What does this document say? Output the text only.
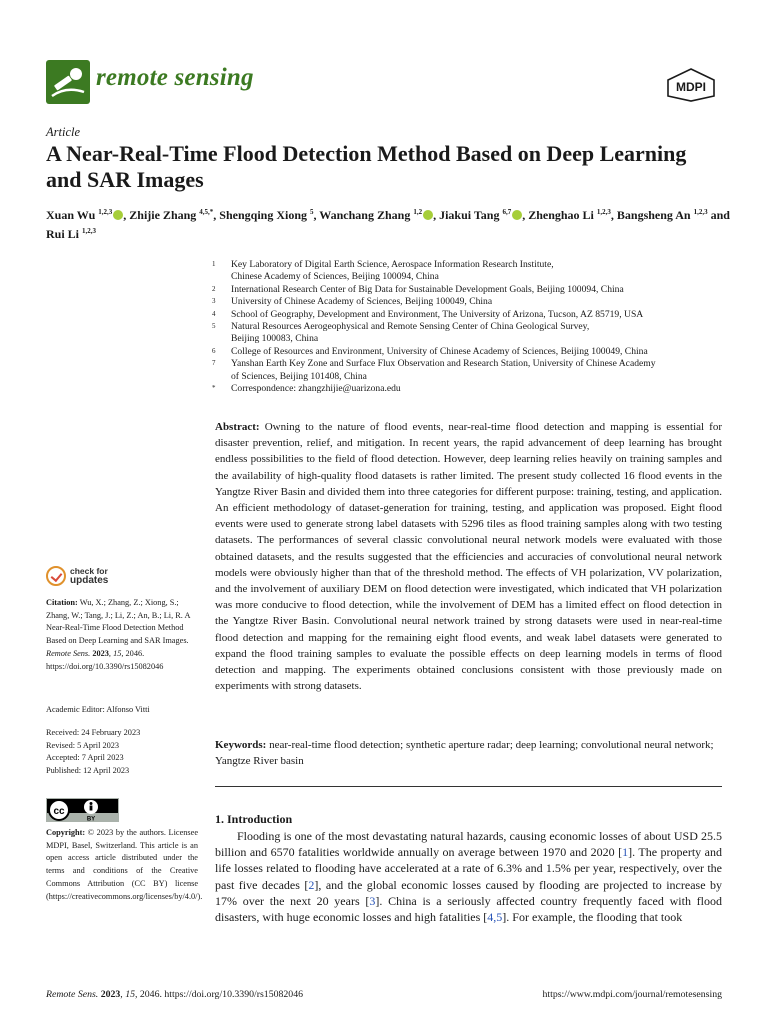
remote sensing	MDPI
Article
A Near-Real-Time Flood Detection Method Based on Deep Learning and SAR Images
Xuan Wu $^{1,2,3}$ , Zhijie Zhang $^{4,5,*}$, Shengqing Xiong $^5$, Wanchang Zhang $^{1,2}$ , Jiakui Tang $^{6,7}$ , Zhenghao Li $^{1,2,3}$, Bangsheng An $^{1,2,3}$ and Rui Li $^{1,2,3}$
1	Key Laboratory of Digital Earth Science, Aerospace Information Research Institute,
Chinese Academy of Sciences, Beijing 100094, China
2	International Research Center of Big Data for Sustainable Development Goals, Beijing 100094, China
3	University of Chinese Academy of Sciences, Beijing 100049, China
4	School of Geography, Development and Environment, The University of Arizona, Tucson, AZ 85719, USA
5	Natural Resources Aerogeophysical and Remote Sensing Center of China Geological Survey,
Beijing 100083, China
6	College of Resources and Environment, University of Chinese Academy of Sciences, Beijing 100049, China
7	Yanshan Earth Key Zone and Surface Flux Observation and Research Station, University of Chinese Academy
of Sciences, Beijing 101408, China
*	Correspondence: zhangzhijie@uarizona.edu
Abstract: Owning to the nature of flood events, near-real-time flood detection and mapping is essential for disaster prevention, relief, and mitigation. In recent years, the rapid advancement of deep learning has brought endless possibilities to the field of flood detection. However, deep learning relies heavily on training samples and the availability of high-quality flood datasets is rather limited. The present study collected 16 flood events in the Yangtze River Basin and divided them into three categories for different purpose: training, testing, and application. An efficient methodology of dataset-generation for training, testing, and application was proposed. Eight flood events were used to generate strong label datasets with 5296 tiles as flood training samples along with two testing datasets. The performances of several classic convolutional neural network models were evaluated with those obtained datasets, and the results suggested that the efficiencies and accuracies of convolutional neural network models were obviously higher than that of the threshold method. The effects of VH polarization, VV polarization, and the involvement of auxiliary DEM on flood detection were investigated, which indicated that VH polarization was more conducive to flood detection, while the involvement of DEM has a limited effect on flood detection in the Yangtze River Basin. Convolutional neural network trained by strong datasets were used in near-real-time flood detection and mapping for the remaining eight flood events, and weak label datasets were generated to expand the flood training samples to evaluate the possible effects on deep learning models in terms of flood detection and mapping. The experiments obtained conclusions consistent with those previously made on experiments with strong datasets.
Keywords: near-real-time flood detection; synthetic aperture radar; deep learning; convolutional neural network; Yangtze River basin
1. Introduction
Flooding is one of the most devastating natural hazards, causing economic losses of about USD 25.5 billion and 6570 fatalities worldwide annually on average between 1970 and 2020 [1]. The property and life losses related to flooding have accelerated at a rate of 6.3% and 1.5% per year, respectively, over the past five decades [2], and the global economic losses caused by flooding are projected to increase by 17% over the next 20 years [3]. China is a seriously affected country frequently faced with flood disasters, with huge economic losses and high fatalities [4,5]. For example, the flooding that took
check for
updates
Citation: Wu, X.; Zhang, Z.; Xiong, S.; Zhang, W.; Tang, J.; Li, Z.; An, B.; Li, R. A Near-Real-Time Flood Detection Method Based on Deep Learning and SAR Images. Remote Sens. 2023, 15, 2046. https://doi.org/10.3390/rs15082046
Academic Editor: Alfonso Vitti
Received: 24 February 2023
Revised: 5 April 2023
Accepted: 7 April 2023
Published: 12 April 2023
cc
BY
Copyright: © 2023 by the authors. Licensee MDPI, Basel, Switzerland. This article is an open access article distributed under the terms and conditions of the Creative Commons Attribution (CC BY) license (https://creativecommons.org/licenses/by/4.0/).
Remote Sens. 2023, 15, 2046. https://doi.org/10.3390/rs15082046	https://www.mdpi.com/journal/remotesensing
